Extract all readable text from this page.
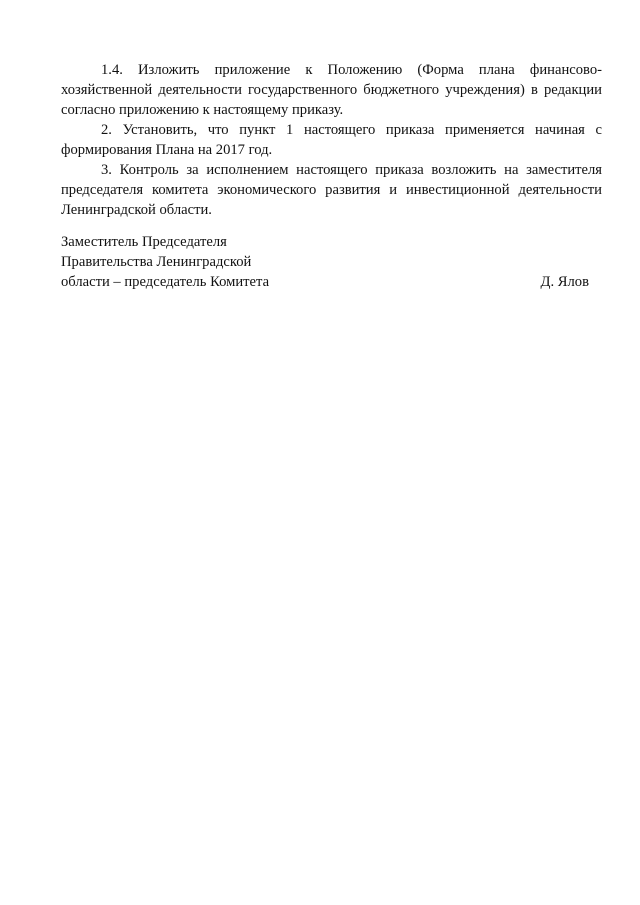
1.4. Изложить приложение к Положению (Форма плана финансово-хозяйственной деятельности государственного бюджетного учреждения) в редакции согласно приложению к настоящему приказу.

2. Установить, что пункт 1 настоящего приказа применяется начиная с формирования Плана на 2017 год.

3. Контроль за исполнением настоящего приказа возложить на заместителя председателя комитета экономического развития и инвестиционной деятельности Ленинградской области.

Заместитель Председателя
Правительства Ленинградской
области – председатель Комитета	Д. Ялов
